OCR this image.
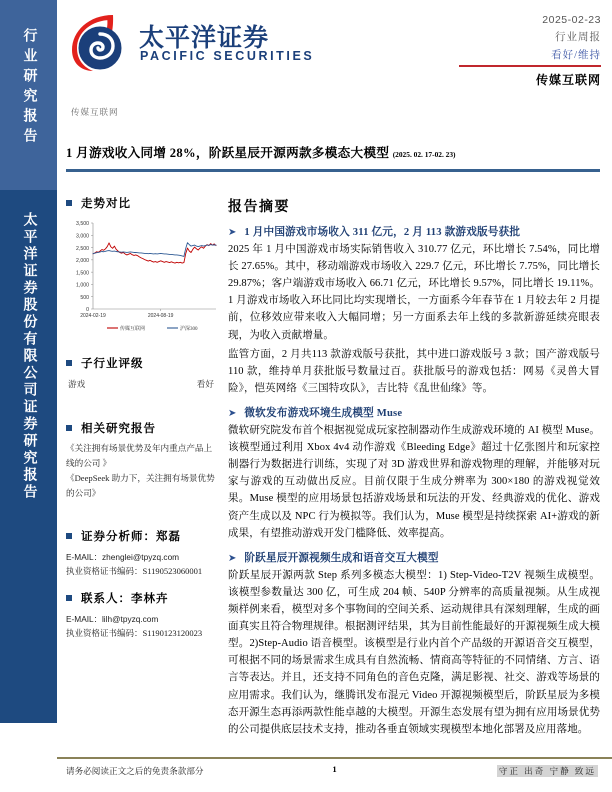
行业研究报告
太平洋证券股份有限公司证券研究报告
太平洋证券
PACIFIC SECURITIES
传媒互联网
2025-02-23
行业周报
看好/维持
传媒互联网
1 月游戏收入同增 28%，阶跃星辰开源两款多模态大模型 (2025. 02. 17-02. 23)
走势对比
0
500
1,000
1,500
2,000
2,500
3,000
3,500
2024-02-19	2024-08-19
传媒互联网	沪深300
子行业评级
游戏	看好
相关研究报告
《关注拥有场景优势及年内重点产品上
线的公司 》
《DeepSeek 助力下，关注拥有场景优势
的公司》
证券分析师：郑磊
E-MAIL：zhenglei@tpyzq.com
执业资格证书编码：S1190523060001
联系人：李林卉
E-MAIL：lilh@tpyzq.com
执业资格证书编码：S1190123120023
报告摘要
➤ 1 月中国游戏市场收入 311 亿元，2 月 113 款游戏版号获批

2025 年 1 月中国游戏市场实际销售收入 310.77 亿元，环比增长 7.54%，同比增长 27.65%。其中，移动端游戏市场收入 229.7 亿元，环比增长 7.75%，同比增长 29.87%；客户端游戏市场收入 66.71 亿元，环比增长 9.57%，同比增长 19.11%。1 月游戏市场收入环比同比均实现增长，一方面系今年春节在 1 月较去年 2 月提前，位移效应带来收入大幅同增；另一方面系去年上线的多款新游延续亮眼表现，为收入贡献增量。

监管方面，2 月共113 款游戏版号获批，其中进口游戏版号 3 款；国产游戏版号 110 款，维持单月获批版号数量过百。获批版号的游戏包括：网易《灵兽大冒险》，恺英网络《三国特攻队》，吉比特《乱世仙缘》等。

➤ 微软发布游戏环境生成模型 Muse

微软研究院发布首个根据视觉成玩家控制器动作生成游戏环境的 AI 模型 Muse。该模型通过利用 Xbox 4v4 动作游戏《Bleeding Edge》超过十亿张图片和玩家控制器行为数据进行训练，实现了对 3D 游戏世界和游戏物理的理解，并能够对玩家与游戏的互动做出反应。目前仅限于生成分辨率为 300×180 的游戏视觉效果。Muse 模型的应用场景包括游戏场景和玩法的开发、经典游戏的优化、游戏资产生成以及 NPC 行为模拟等。我们认为，Muse 模型是持续探索 AI+游戏的新成果，有望推动游戏开发门槛降低、效率提高。

➤ 阶跃星辰开源视频生成和语音交互大模型

阶跃星辰开源两款 Step 系列多模态大模型：1) Step-Video-T2V 视频生成模型。该模型参数量达 300 亿，可生成 204 帧、540P 分辨率的高质量视频。从生成视频样例来看，模型对多个事物间的空间关系、运动规律具有深刻理解，生成的画面真实且符合物理规律。根据测评结果，其为目前性能最好的开源视频生成大模型。2)Step-Audio 语音模型。该模型是行业内首个产品级的开源语音交互模型，可根据不同的场景需求生成具有自然流畅、情商高等特征的不同情绪、方言、语言等表达。并且，还支持不同角色的音色克隆，满足影视、社交、游戏等场景的应用需求。我们认为，继腾讯发布混元 Video 开源视频模型后，阶跃星辰为多模态开源生态再添两款性能卓越的大模型。开源生态发展有望为拥有应用场景优势的公司提供底层技术支持，推动各垂直领域实现模型本地化部署及应用落地。

请务必阅读正文之后的免责条款部分	1	守正 出奇 宁静 致远
